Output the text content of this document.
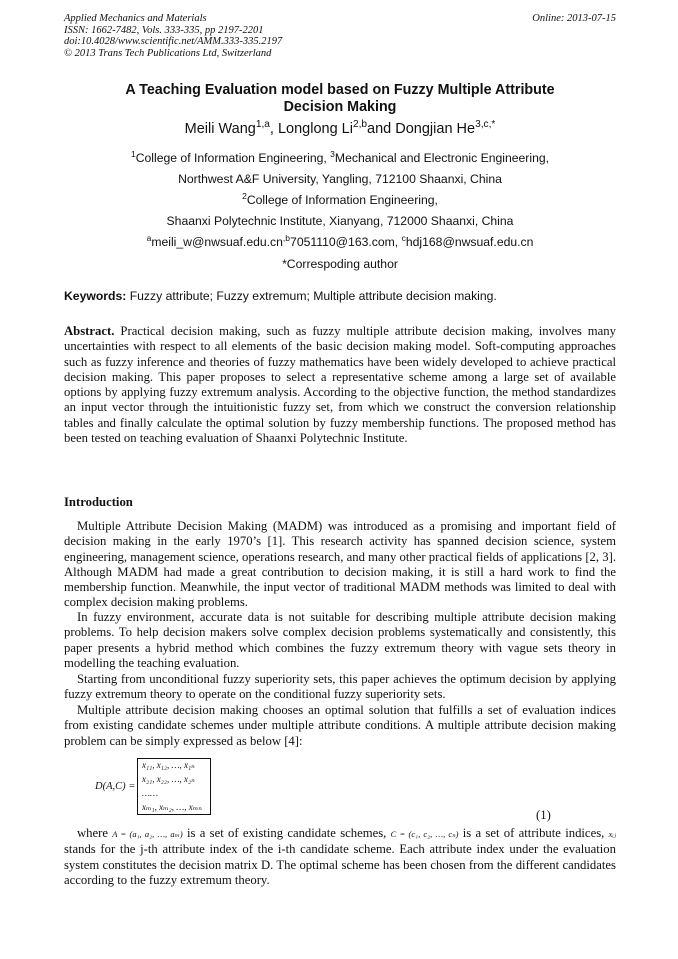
Applied Mechanics and Materials
ISSN: 1662-7482, Vols. 333-335, pp 2197-2201
doi:10.4028/www.scientific.net/AMM.333-335.2197
© 2013 Trans Tech Publications Ltd, Switzerland
Online: 2013-07-15
A Teaching Evaluation model based on Fuzzy Multiple Attribute
Decision Making
Meili Wang$^{1,a}$, Longlong Li$^{2,b}$and Dongjian $He^{3,c,*}$
$^1$College of Information Engineering, $^3$Mechanical and Electronic Engineering,
Northwest A&F University, Yangling, 712100 Shaanxi, China
$^2$College of Information Engineering,
Shaanxi Polytechnic Institute, Xianyang, 712000 Shaanxi, China
$^ameili\_w@nwsuaf.edu.cn^{,b}7051110@163.com$, $^c$hdj168@nwsuaf.edu.cn
*Correspoding author
Keywords: Fuzzy attribute; Fuzzy extremum; Multiple attribute decision making.

Abstract. Practical decision making, such as fuzzy multiple attribute decision making, involves many uncertainties with respect to all elements of the basic decision making model. Soft-computing approaches such as fuzzy inference and theories of fuzzy mathematics have been widely developed to achieve practical decision making. This paper proposes to select a representative scheme among a large set of available options by applying fuzzy extremum analysis. According to the objective function, the method standardizes an input vector through the intuitionistic fuzzy set, from which we construct the conversion relationship tables and finally calculate the optimal solution by fuzzy membership functions. The proposed method has been tested on teaching evaluation of Shaanxi Polytechnic Institute.

Introduction

Multiple Attribute Decision Making (MADM) was introduced as a promising and important field of decision making in the early 1970’s [1]. This research activity has spanned decision science, system engineering, management science, operations research, and many other practical fields of applications [2, 3]. Although MADM had made a great contribution to decision making, it is still a hard work to find the membership function. Meanwhile, the input vector of traditional MADM methods was limited to deal with complex decision making problems.

In fuzzy environment, accurate data is not suitable for describing multiple attribute decision making problems. To help decision makers solve complex decision problems systematically and consistently, this paper presents a hybrid method which combines the fuzzy extremum theory with vague sets theory in modelling the teaching evaluation.

Starting from unconditional fuzzy superiority sets, this paper achieves the optimum decision by applying fuzzy extremum theory to operate on the conditional fuzzy superiority sets.

Multiple attribute decision making chooses an optimal solution that fulfills a set of evaluation indices from existing candidate schemes under multiple attribute conditions. A multiple attribute decision making problem can be simply expressed as below [4]:

D(A,C) =
x₁₁, x₁₂, …, x₁ₙ
x₂₁, x₂₂, …, x₂ₙ
……
xₘ₁, xₘ₂, …, xₘₙ
(1)

where A = (a₁, a₂, …, aₘ) is a set of existing candidate schemes, C = (c₁, c₂, …, cₙ) is a set of attribute indices, xᵢⱼ stands for the j-th attribute index of the i-th candidate scheme. Each attribute index under the evaluation system constitutes the decision matrix D. The optimal scheme has been chosen from the different candidates according to the fuzzy extremum theory.
